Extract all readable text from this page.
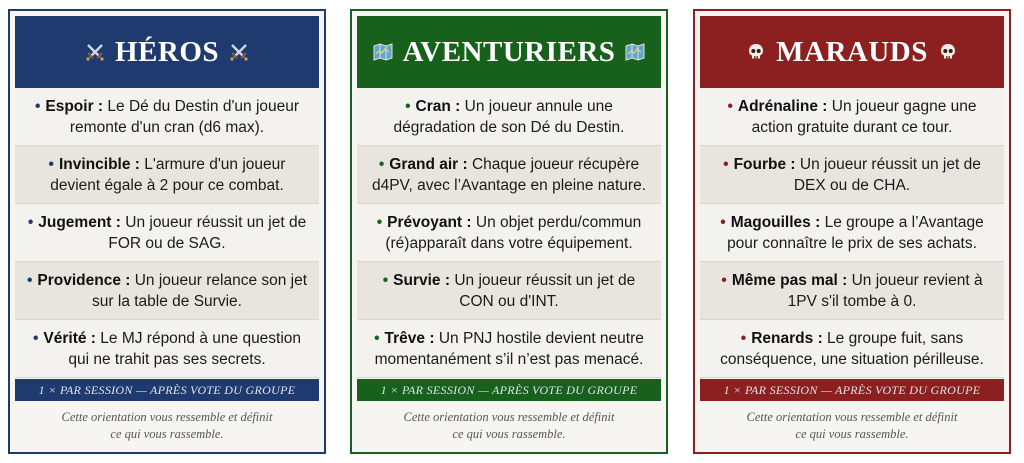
HÉROS
• Espoir : Le Dé du Destin d'un joueur remonte d'un cran (d6 max).
• Invincible : L'armure d'un joueur devient égale à 2 pour ce combat.
• Jugement : Un joueur réussit un jet de FOR ou de SAG.
• Providence : Un joueur relance son jet sur la table de Survie.
• Vérité : Le MJ répond à une question qui ne trahit pas ses secrets.
1 × PAR SESSION — APRÈS VOTE DU GROUPE
Cette orientation vous ressemble et définit ce qui vous rassemble.
AVENTURIERS
• Cran : Un joueur annule une dégradation de son Dé du Destin.
• Grand air : Chaque joueur récupère d4PV, avec l’Avantage en pleine nature.
• Prévoyant : Un objet perdu/commun (ré)apparaît dans votre équipement.
• Survie : Un joueur réussit un jet de CON ou d'INT.
• Trêve : Un PNJ hostile devient neutre momentanément s’il n’est pas menacé.
1 × PAR SESSION — APRÈS VOTE DU GROUPE
Cette orientation vous ressemble et définit ce qui vous rassemble.
MARAUDS
• Adrénaline : Un joueur gagne une action gratuite durant ce tour.
• Fourbe : Un joueur réussit un jet de DEX ou de CHA.
• Magouilles : Le groupe a l’Avantage pour connaître le prix de ses achats.
• Même pas mal : Un joueur revient à 1PV s'il tombe à 0.
• Renards : Le groupe fuit, sans conséquence, une situation périlleuse.
1 × PAR SESSION — APRÈS VOTE DU GROUPE
Cette orientation vous ressemble et définit ce qui vous rassemble.
